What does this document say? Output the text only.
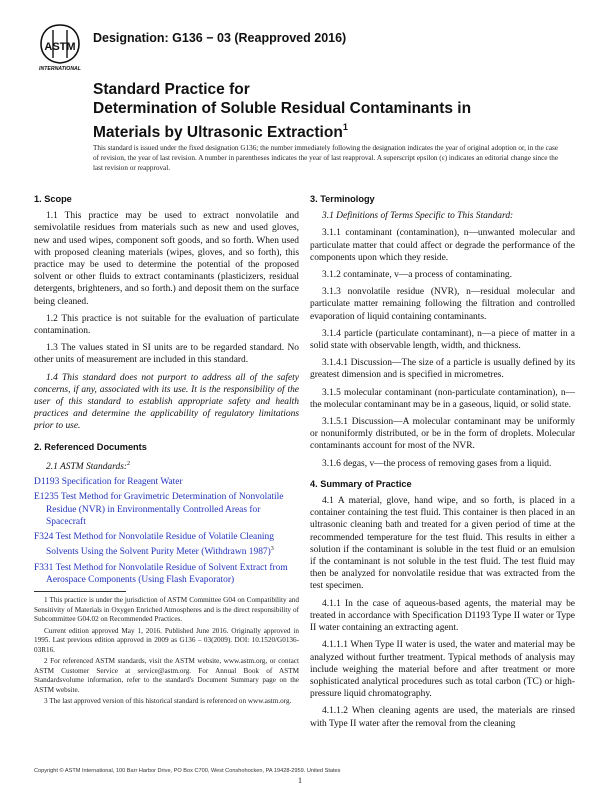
ASTM
INTERNATIONAL
Designation: G136 − 03 (Reapproved 2016)
Standard Practice for
Determination of Soluble Residual Contaminants in
Materials by Ultrasonic Extraction$^1$
This standard is issued under the fixed designation G136; the number immediately following the designation indicates the year of original adoption or, in the case of revision, the year of last revision. A number in parentheses indicates the year of last reapproval. A superscript epsilon (ε) indicates an editorial change since the last revision or reapproval.
1. Scope

1.1 This practice may be used to extract nonvolatile and semivolatile residues from materials such as new and used gloves, new and used wipes, component soft goods, and so forth. When used with proposed cleaning materials (wipes, gloves, and so forth), this practice may be used to determine the potential of the proposed solvent or other fluids to extract contaminants (plasticizers, residual detergents, brighteners, and so forth.) and deposit them on the surface being cleaned.

1.2 This practice is not suitable for the evaluation of particulate contamination.

1.3 The values stated in SI units are to be regarded standard. No other units of measurement are included in this standard.

1.4 This standard does not purport to address all of the safety concerns, if any, associated with its use. It is the responsibility of the user of this standard to establish appropriate safety and health practices and determine the applicability of regulatory limitations prior to use.

2. Referenced Documents

2.1 ASTM Standards:$^2$

D1193 Specification for Reagent Water

E1235 Test Method for Gravimetric Determination of Nonvolatile Residue (NVR) in Environmentally Controlled Areas for Spacecraft

F324 Test Method for Nonvolatile Residue of Volatile Cleaning Solvents Using the Solvent Purity Meter (Withdrawn 1987)$^3$

F331 Test Method for Nonvolatile Residue of Solvent Extract from Aerospace Components (Using Flash Evaporator)

1 This practice is under the jurisdiction of ASTM Committee G04 on Compatibility and Sensitivity of Materials in Oxygen Enriched Atmospheres and is the direct responsibility of Subcommittee G04.02 on Recommended Practices.

Current edition approved May 1, 2016. Published June 2016. Originally approved in 1995. Last previous edition approved in 2009 as G136 – 03(2009). DOI: 10.1520/G0136-03R16.

2 For referenced ASTM standards, visit the ASTM website, www.astm.org, or contact ASTM Customer Service at service@astm.org. For Annual Book of ASTM Standardsvolume information, refer to the standard's Document Summary page on the ASTM website.

3 The last approved version of this historical standard is referenced on www.astm.org.

3. Terminology

3.1 Definitions of Terms Specific to This Standard:

3.1.1 contaminant (contamination), n—unwanted molecular and particulate matter that could affect or degrade the performance of the components upon which they reside.

3.1.2 contaminate, v—a process of contaminating.

3.1.3 nonvolatile residue (NVR), n—residual molecular and particulate matter remaining following the filtration and controlled evaporation of liquid containing contaminants.

3.1.4 particle (particulate contaminant), n—a piece of matter in a solid state with observable length, width, and thickness.

3.1.4.1 Discussion—The size of a particle is usually defined by its greatest dimension and is specified in micrometres.

3.1.5 molecular contaminant (non-particulate contamination), n—the molecular contaminant may be in a gaseous, liquid, or solid state.

3.1.5.1 Discussion—A molecular contaminant may be uniformly or nonuniformly distributed, or be in the form of droplets. Molecular contaminants account for most of the NVR.

3.1.6 degas, v—the process of removing gases from a liquid.

4. Summary of Practice

4.1 A material, glove, hand wipe, and so forth, is placed in a container containing the test fluid. This container is then placed in an ultrasonic cleaning bath and treated for a given period of time at the recommended temperature for the test fluid. This results in either a solution if the contaminant is soluble in the test fluid or an emulsion if the contaminant is not soluble in the test fluid. The test fluid may then be analyzed for nonvolatile residue that was extracted from the test specimen.

4.1.1 In the case of aqueous-based agents, the material may be treated in accordance with Specification D1193 Type II water or Type II water containing an extracting agent.

4.1.1.1 When Type II water is used, the water and material may be analyzed without further treatment. Typical methods of analysis may include weighing the material before and after treatment or more sophisticated analytical procedures such as total carbon (TC) or high-pressure liquid chromatography.

4.1.1.2 When cleaning agents are used, the materials are rinsed with Type II water after the removal from the cleaning

Copyright © ASTM International, 100 Barr Harbor Drive, PO Box C700, West Conshohocken, PA 19428-2959. United States
1
